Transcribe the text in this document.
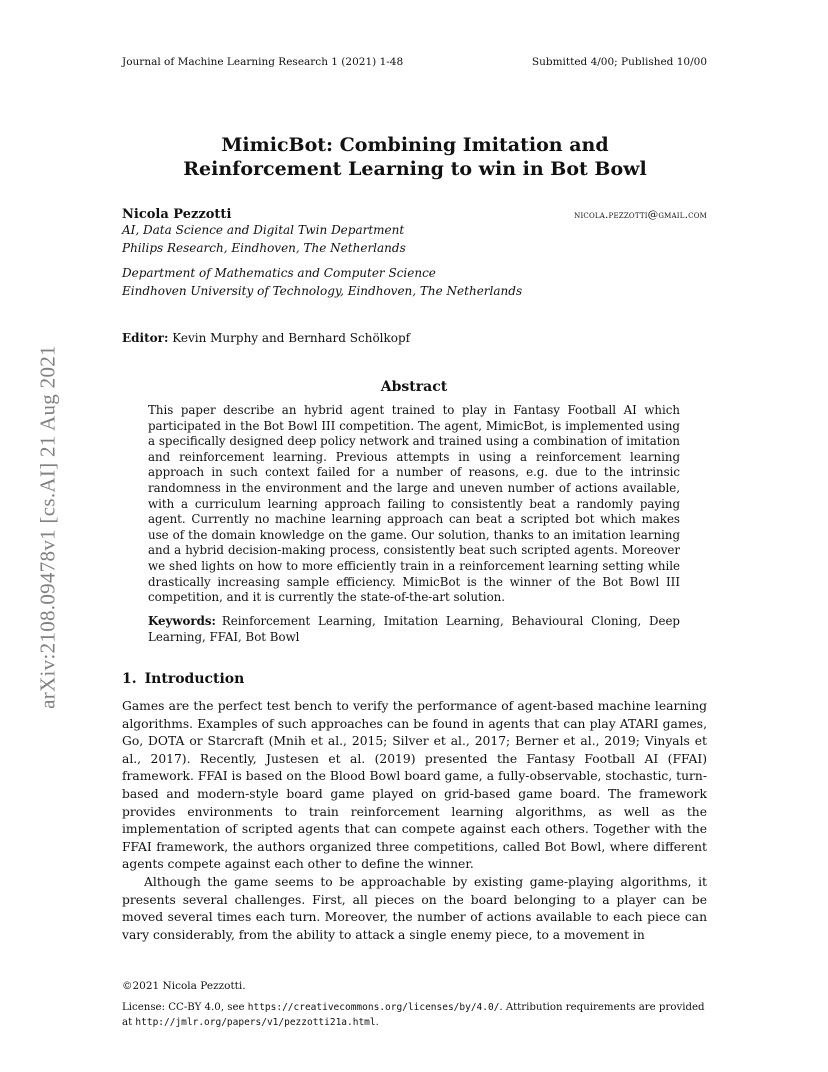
Journal of Machine Learning Research 1 (2021) 1-48	Submitted 4/00; Published 10/00
arXiv:2108.09478v1 [cs.AI] 21 Aug 2021
MimicBot: Combining Imitation and Reinforcement Learning to win in Bot Bowl
Nicola Pezzotti	nicola.pezzotti@gmail.com
AI, Data Science and Digital Twin Department
Philips Research, Eindhoven, The Netherlands
Department of Mathematics and Computer Science
Eindhoven University of Technology, Eindhoven, The Netherlands
Editor: Kevin Murphy and Bernhard Schölkopf
Abstract
This paper describe an hybrid agent trained to play in Fantasy Football AI which participated in the Bot Bowl III competition. The agent, MimicBot, is implemented using a specifically designed deep policy network and trained using a combination of imitation and reinforcement learning. Previous attempts in using a reinforcement learning approach in such context failed for a number of reasons, e.g. due to the intrinsic randomness in the environment and the large and uneven number of actions available, with a curriculum learning approach failing to consistently beat a randomly paying agent. Currently no machine learning approach can beat a scripted bot which makes use of the domain knowledge on the game. Our solution, thanks to an imitation learning and a hybrid decision-making process, consistently beat such scripted agents. Moreover we shed lights on how to more efficiently train in a reinforcement learning setting while drastically increasing sample efficiency. MimicBot is the winner of the Bot Bowl III competition, and it is currently the state-of-the-art solution.
Keywords: Reinforcement Learning, Imitation Learning, Behavioural Cloning, Deep Learning, FFAI, Bot Bowl
1. Introduction

Games are the perfect test bench to verify the performance of agent-based machine learning algorithms. Examples of such approaches can be found in agents that can play ATARI games, Go, DOTA or Starcraft (Mnih et al., 2015; Silver et al., 2017; Berner et al., 2019; Vinyals et al., 2017). Recently, Justesen et al. (2019) presented the Fantasy Football AI (FFAI) framework. FFAI is based on the Blood Bowl board game, a fully-observable, stochastic, turn-based and modern-style board game played on grid-based game board. The framework provides environments to train reinforcement learning algorithms, as well as the implementation of scripted agents that can compete against each others. Together with the FFAI framework, the authors organized three competitions, called Bot Bowl, where different agents compete against each other to define the winner.

Although the game seems to be approachable by existing game-playing algorithms, it presents several challenges. First, all pieces on the board belonging to a player can be moved several times each turn. Moreover, the number of actions available to each piece can vary considerably, from the ability to attack a single enemy piece, to a movement in

©2021 Nicola Pezzotti.
License: CC-BY 4.0, see https://creativecommons.org/licenses/by/4.0/. Attribution requirements are provided at http://jmlr.org/papers/v1/pezzotti21a.html.
